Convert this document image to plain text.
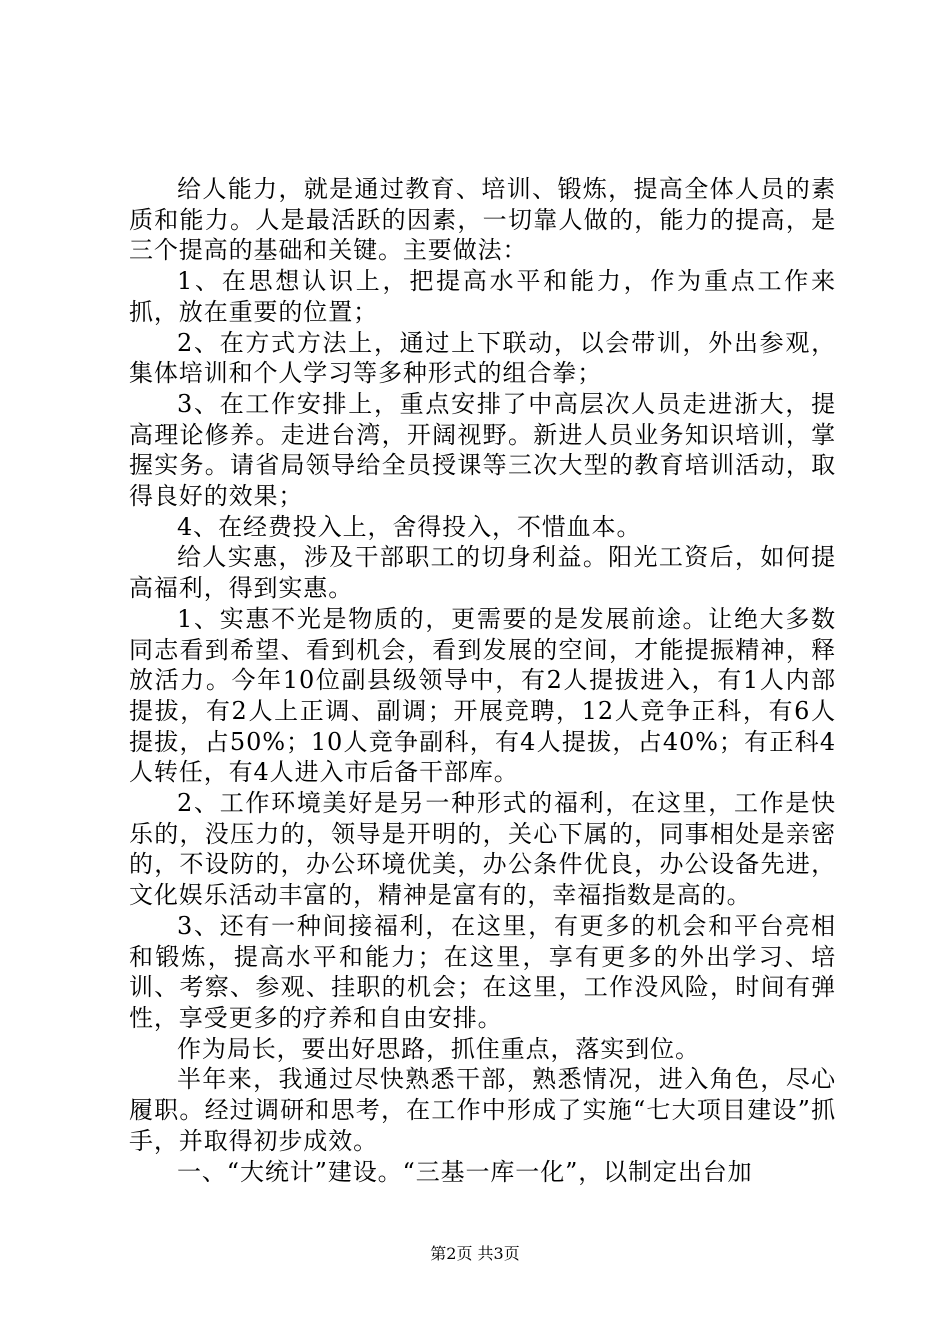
给人能力，就是通过教育、培训、锻炼，提高全体人员的素质和能力。人是最活跃的因素，一切靠人做的，能力的提高，是三个提高的基础和关键。主要做法：

1、在思想认识上，把提高水平和能力，作为重点工作来抓，放在重要的位置；

2、在方式方法上，通过上下联动，以会带训，外出参观，集体培训和个人学习等多种形式的组合拳；

3、在工作安排上，重点安排了中高层次人员走进浙大，提高理论修养。走进台湾，开阔视野。新进人员业务知识培训，掌握实务。请省局领导给全员授课等三次大型的教育培训活动，取得良好的效果；

4、在经费投入上，舍得投入，不惜血本。

给人实惠，涉及干部职工的切身利益。阳光工资后，如何提高福利，得到实惠。

1、实惠不光是物质的，更需要的是发展前途。让绝大多数同志看到希望、看到机会，看到发展的空间，才能提振精神，释放活力。今年10位副县级领导中，有2人提拔进入，有1人内部提拔，有2人上正调、副调；开展竞聘，12人竞争正科，有6人提拔，占50%；10人竞争副科，有4人提拔，占40%；有正科4人转任，有4人进入市后备干部库。

2、工作环境美好是另一种形式的福利，在这里，工作是快乐的，没压力的，领导是开明的，关心下属的，同事相处是亲密的，不设防的，办公环境优美，办公条件优良，办公设备先进，文化娱乐活动丰富的，精神是富有的，幸福指数是高的。

3、还有一种间接福利，在这里，有更多的机会和平台亮相和锻炼，提高水平和能力；在这里，享有更多的外出学习、培训、考察、参观、挂职的机会；在这里，工作没风险，时间有弹性，享受更多的疗养和自由安排。

作为局长，要出好思路，抓住重点，落实到位。

半年来，我通过尽快熟悉干部，熟悉情况，进入角色，尽心履职。经过调研和思考，在工作中形成了实施“七大项目建设”抓手，并取得初步成效。

一、“大统计”建设。“三基一库一化”，以制定出台加

第2页 共3页
